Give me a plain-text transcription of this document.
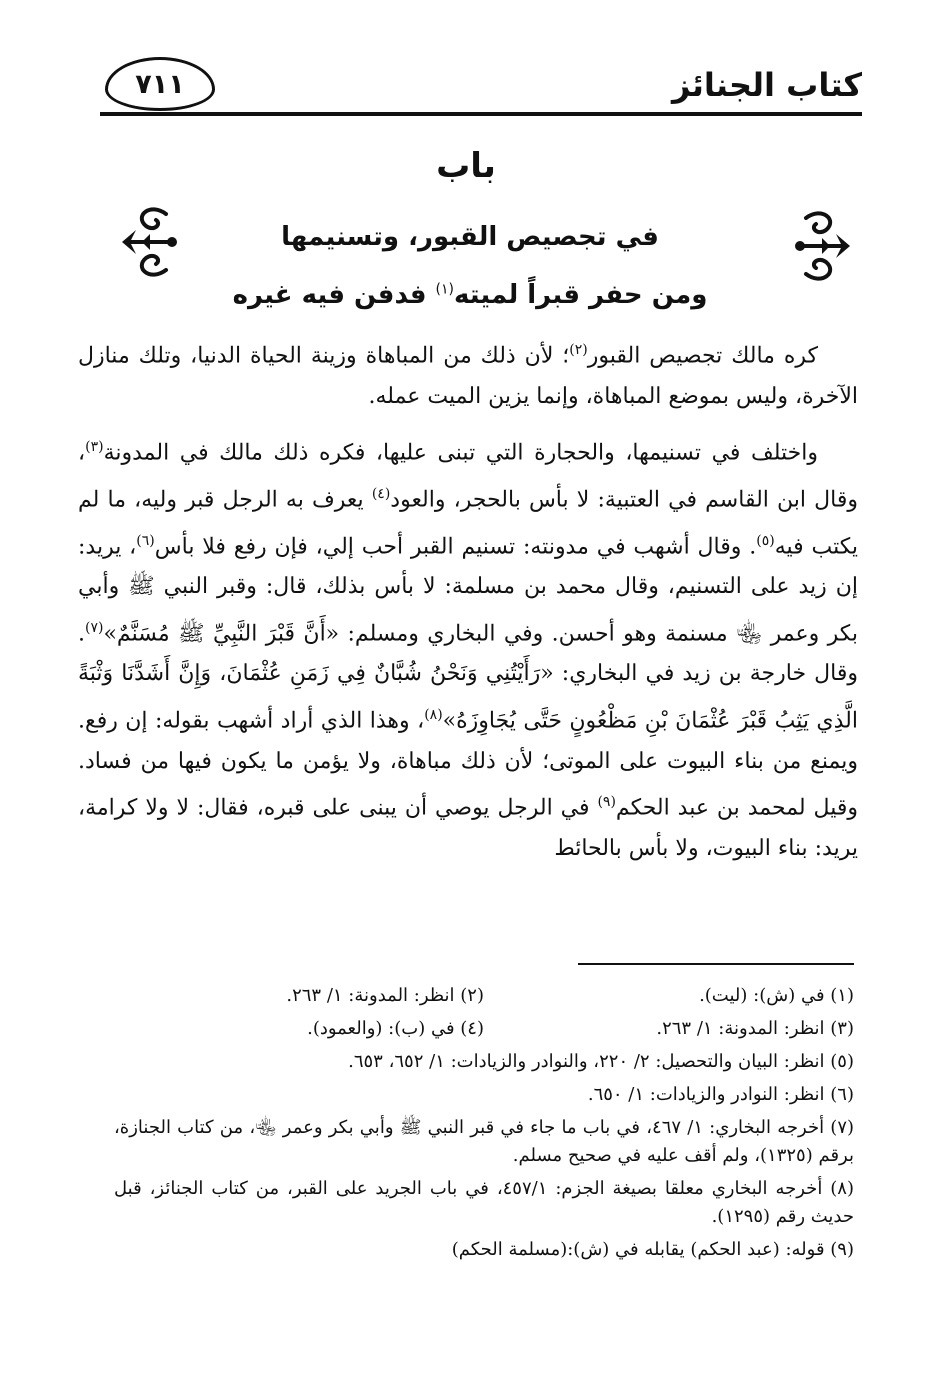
٧١١	كتاب الجنائز
باب
في تجصيص القبور، وتسنيمها
ومن حفر قبراً لميته$^{(١)}$ فدفن فيه غيره

كره مالك تجصيص القبور$^{(٢)}$؛ لأن ذلك من المباهاة وزينة الحياة الدنيا، وتلك منازل الآخرة، وليس بموضع المباهاة، وإنما يزين الميت عمله.

واختلف في تسنيمها، والحجارة التي تبنى عليها، فكره ذلك مالك في المدونة$^{(٣)}$، وقال ابن القاسم في العتبية: لا بأس بالحجر، والعود$^{(٤)}$ يعرف به الرجل قبر وليه، ما لم يكتب فيه$^{(٥)}$. وقال أشهب في مدونته: تسنيم القبر أحب إلي، فإن رفع فلا بأس$^{(٦)}$، يريد: إن زيد على التسنيم، وقال محمد بن مسلمة: لا بأس بذلك، قال: وقبر النبي ﷺ وأبي بكر وعمر ﵄ مسنمة وهو أحسن. وفي البخاري ومسلم: «أَنَّ قَبْرَ النَّبِيِّ ﷺ مُسَنَّمٌ»$^{(٧)}$. وقال خارجة بن زيد في البخاري: «رَأَيْتُنِي وَنَحْنُ شُبَّانٌ فِي زَمَنِ عُثْمَانَ، وَإِنَّ أَشَدَّنَا وَثْبَةً الَّذِي يَثِبُ قَبْرَ عُثْمَانَ بْنِ مَظْعُونٍ حَتَّى يُجَاوِزَهُ»$^{(٨)}$، وهذا الذي أراد أشهب بقوله: إن رفع. ويمنع من بناء البيوت على الموتى؛ لأن ذلك مباهاة، ولا يؤمن ما يكون فيها من فساد. وقيل لمحمد بن عبد الحكم$^{(٩)}$ في الرجل يوصي أن يبنى على قبره، فقال: لا ولا كرامة، يريد: بناء البيوت، ولا بأس بالحائط

(١) في (ش): (ليت).
(٢) انظر: المدونة: ١/ ٢٦٣.
(٣) انظر: المدونة: ١/ ٢٦٣.
(٤) في (ب): (والعمود).
(٥) انظر: البيان والتحصيل: ٢/ ٢٢٠، والنوادر والزيادات: ١/ ٦٥٢، ٦٥٣.
(٦) انظر: النوادر والزيادات: ١/ ٦٥٠.
(٧) أخرجه البخاري: ١/ ٤٦٧، في باب ما جاء في قبر النبي ﷺ وأبي بكر وعمر ﵄، من كتاب الجنازة، برقم (١٣٢٥)، ولم أقف عليه في صحيح مسلم.
(٨) أخرجه البخاري معلقا بصيغة الجزم: ٤٥٧/١، في باب الجريد على القبر، من كتاب الجنائز، قبل حديث رقم (١٢٩٥).
(٩) قوله: (عبد الحكم) يقابله في (ش):(مسلمة الحكم)
